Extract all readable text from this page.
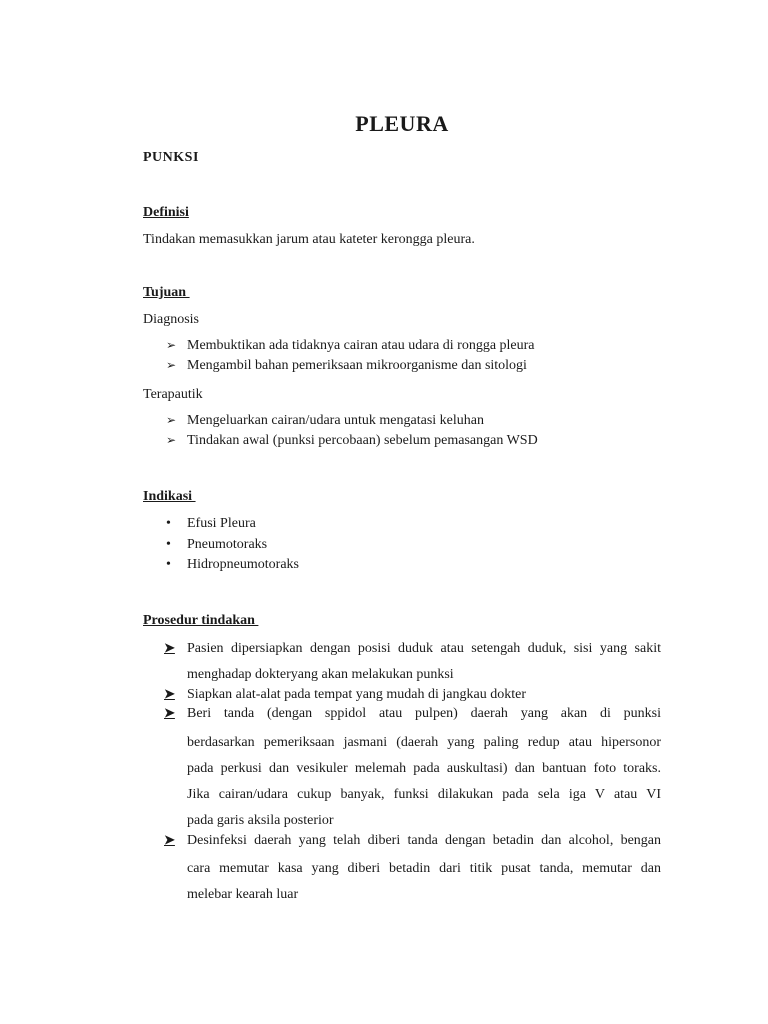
PLEURA
PUNKSI
Definisi
Tindakan memasukkan jarum atau kateter kerongga pleura.
Tujuan
Diagnosis
➢ Membuktikan ada tidaknya cairan atau udara di rongga pleura
➢ Mengambil bahan pemeriksaan mikroorganisme dan sitologi
Terapautik
➢ Mengeluarkan cairan/udara untuk mengatasi keluhan
➢ Tindakan awal (punksi percobaan) sebelum pemasangan WSD
Indikasi
• Efusi Pleura
• Pneumotoraks
• Hidropneumotoraks
Prosedur tindakan
➤ Pasien dipersiapkan dengan posisi duduk atau setengah duduk, sisi yang sakit
menghadap dokteryang akan melakukan punksi
➤ Siapkan alat-alat pada tempat yang mudah di jangkau dokter
➤ Beri tanda (dengan sppidol atau pulpen) daerah yang akan di punksi
berdasarkan pemeriksaan jasmani (daerah yang paling redup atau hipersonor
pada perkusi dan vesikuler melemah pada auskultasi) dan bantuan foto toraks.
Jika cairan/udara cukup banyak, funksi dilakukan pada sela iga V atau VI
pada garis aksila posterior
➤ Desinfeksi daerah yang telah diberi tanda dengan betadin dan alcohol, bengan
cara memutar kasa yang diberi betadin dari titik pusat tanda, memutar dan
melebar kearah luar
